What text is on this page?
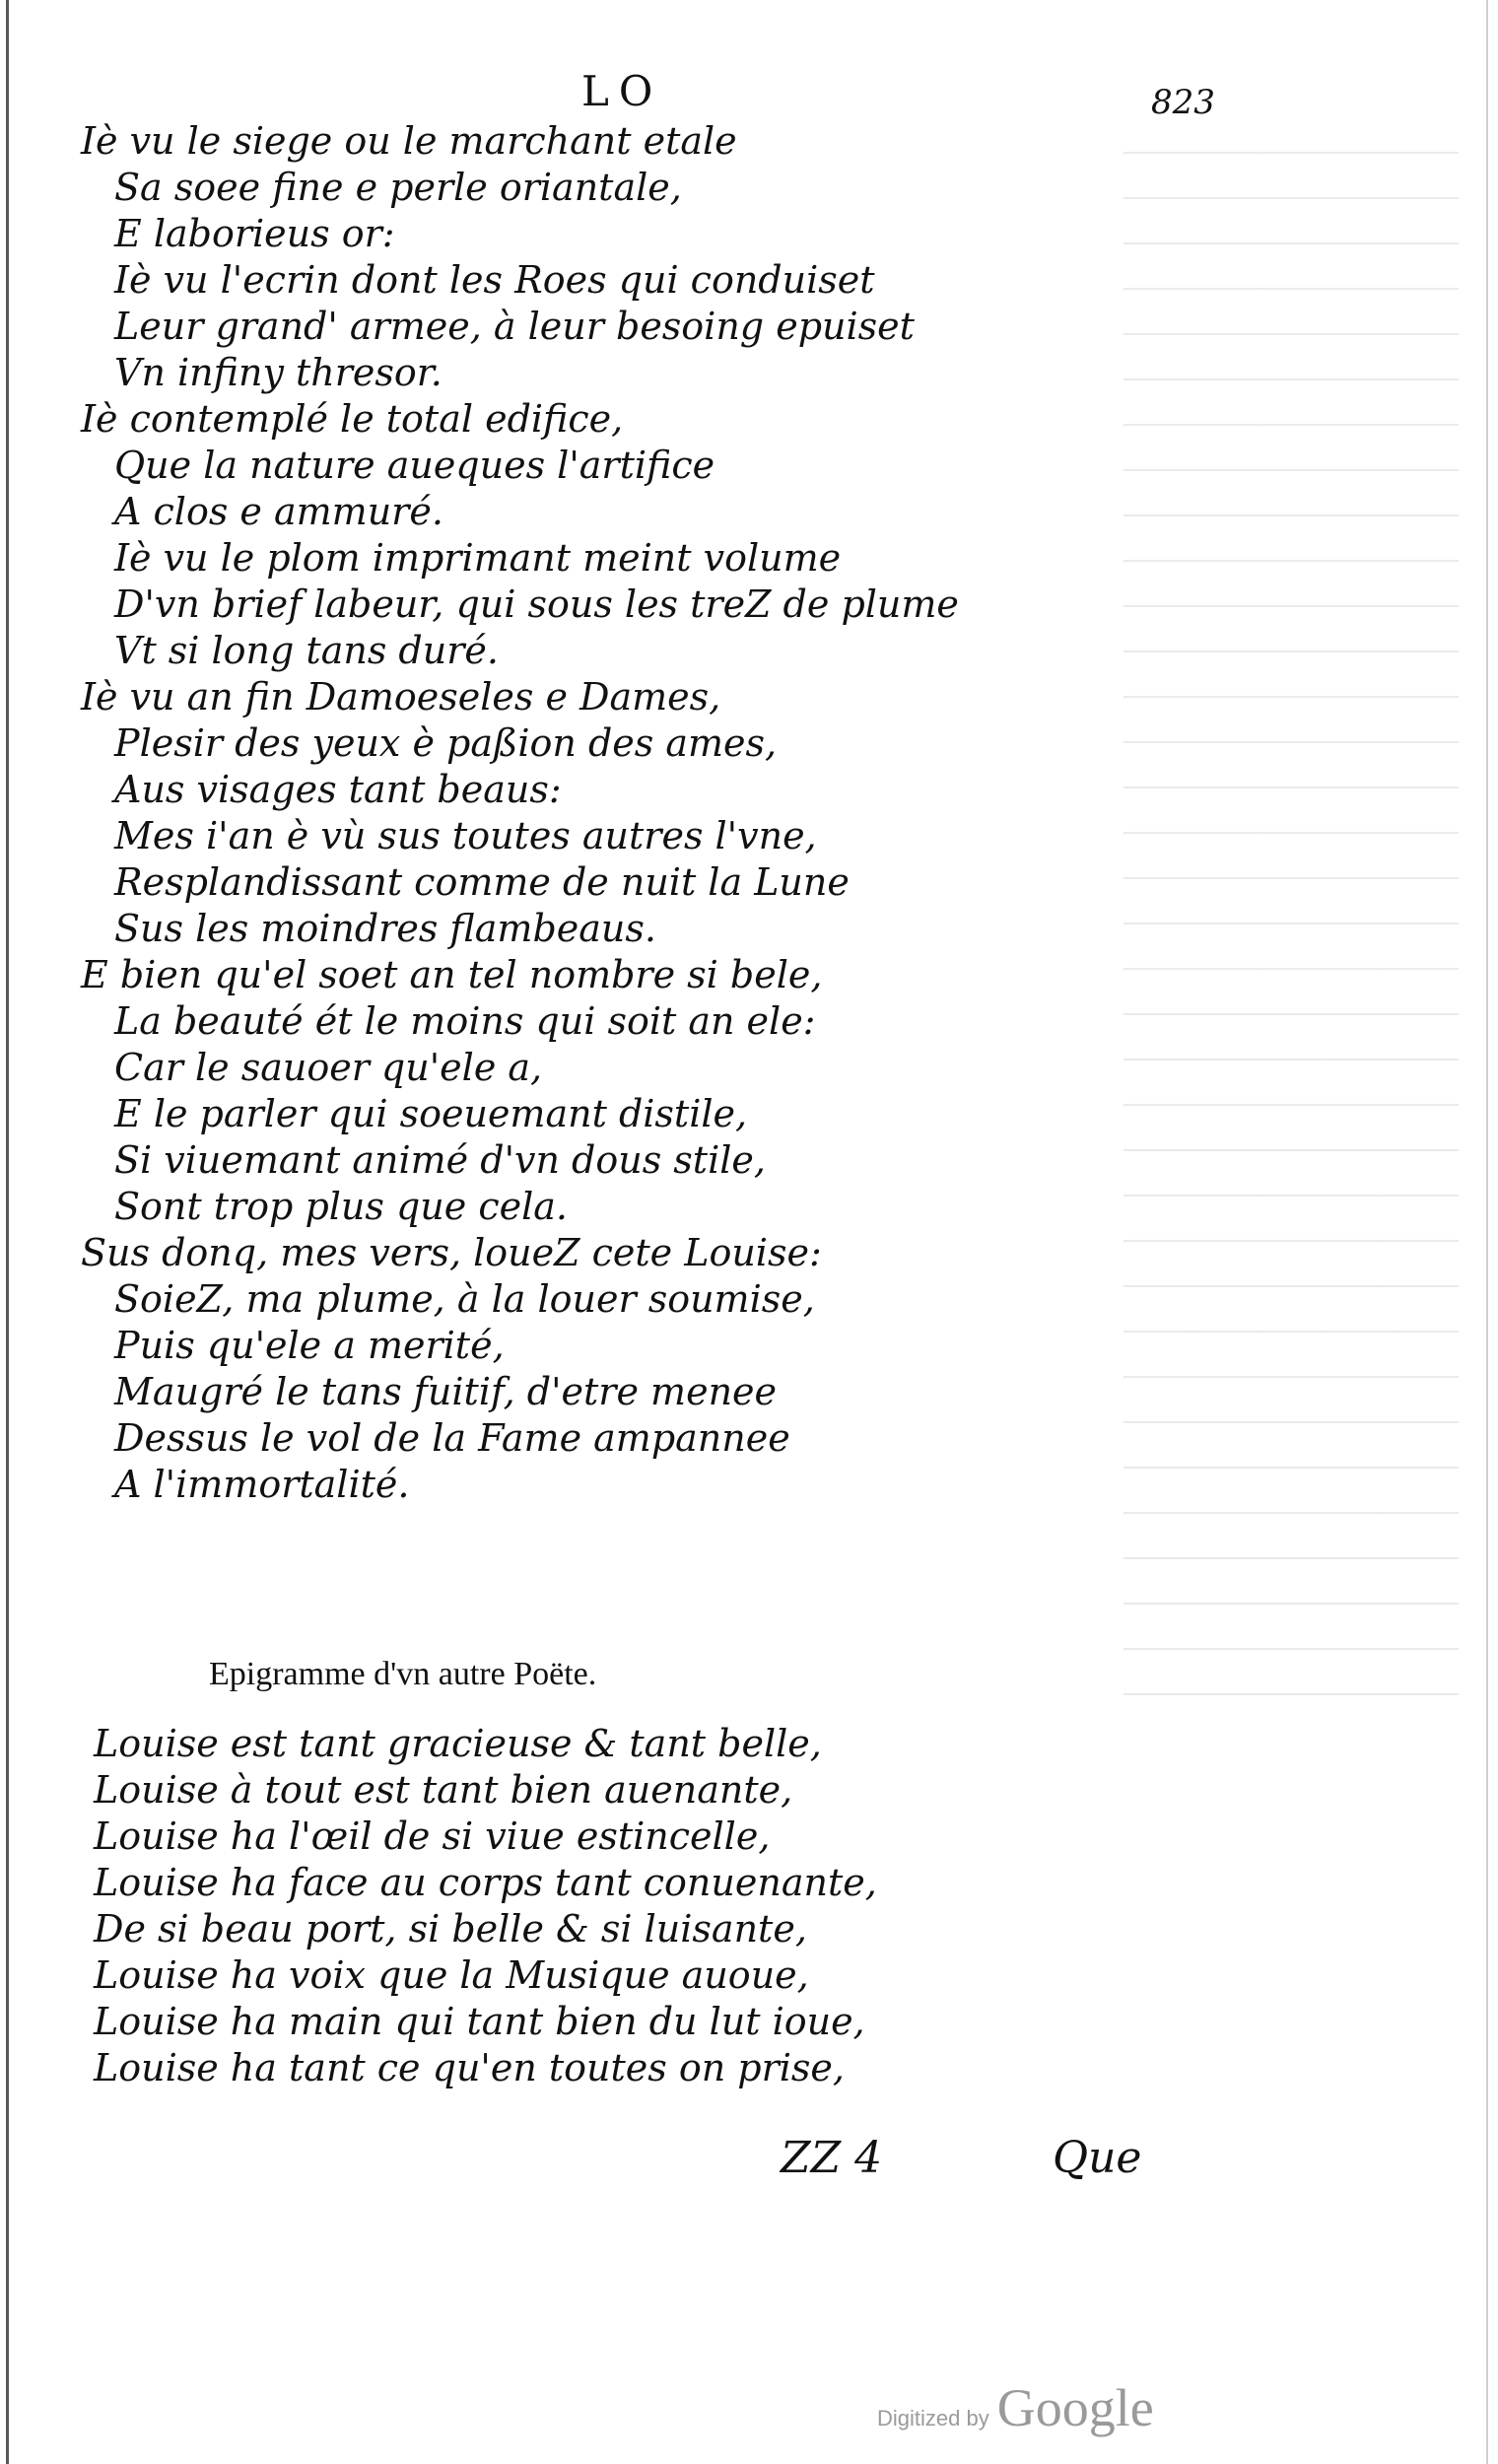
LO	823
Iè vu le siege ou le marchant etale
Sa soee fine e perle oriantale,
E laborieus or:
Iè vu l'ecrin dont les Roes qui conduiset
Leur grand' armee, à leur besoing epuiset
Vn infiny thresor.
Iè contemplé le total edifice,
Que la nature aueques l'artifice
A clos e ammuré.
Iè vu le plom imprimant meint volume
D'vn brief labeur, qui sous les treZ de plume
Vt si long tans duré.
Iè vu an fin Damoeseles e Dames,
Plesir des yeux è paßion des ames,
Aus visages tant beaus:
Mes i'an è vù sus toutes autres l'vne,
Resplandissant comme de nuit la Lune
Sus les moindres flambeaus.
E bien qu'el soet an tel nombre si bele,
La beauté ét le moins qui soit an ele:
Car le sauoer qu'ele a,
E le parler qui soeuemant distile,
Si viuemant animé d'vn dous stile,
Sont trop plus que cela.
Sus donq, mes vers, loueZ cete Louise:
SoieZ, ma plume, à la louer soumise,
Puis qu'ele a merité,
Maugré le tans fuitif, d'etre menee
Dessus le vol de la Fame ampannee
A l'immortalité.
Epigramme d'vn autre Poëte.
Louise est tant gracieuse & tant belle,
Louise à tout est tant bien auenante,
Louise ha l'œil de si viue estincelle,
Louise ha face au corps tant conuenante,
De si beau port, si belle & si luisante,
Louise ha voix que la Musique auoue,
Louise ha main qui tant bien du lut ioue,
Louise ha tant ce qu'en toutes on prise,
ZZ 4	Que
Digitized by Google
